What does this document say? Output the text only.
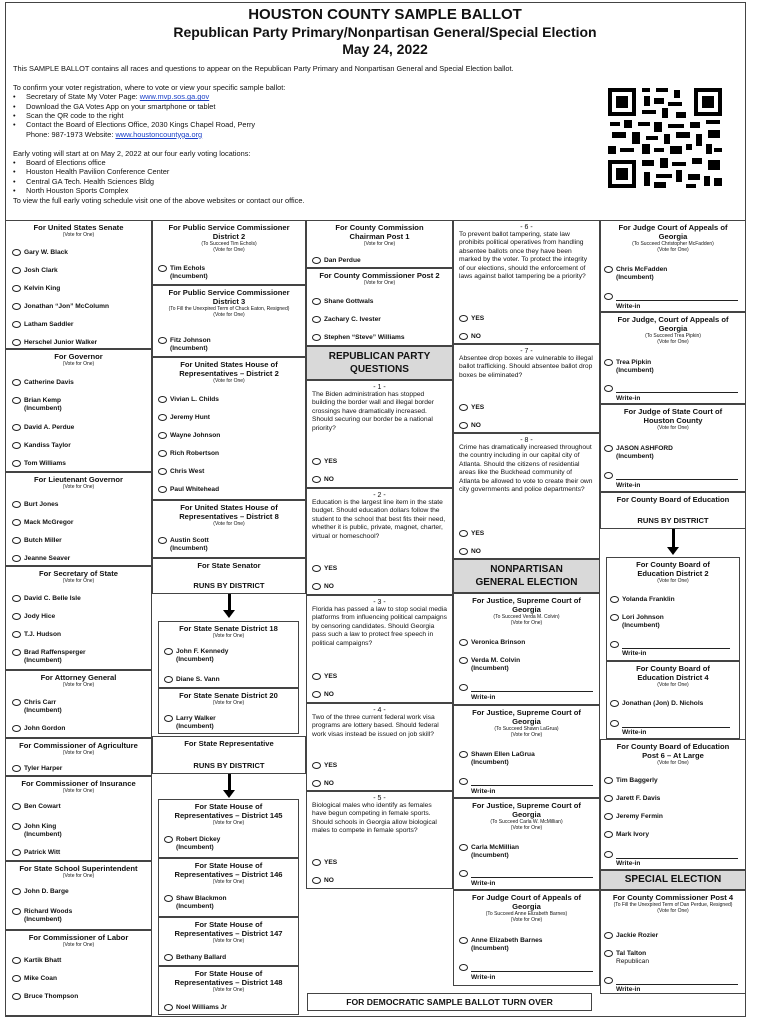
HOUSTON COUNTY SAMPLE BALLOT
Republican Party Primary/Nonpartisan General/Special Election
May 24, 2022

This SAMPLE BALLOT contains all races and questions to appear on the Republican Party Primary and Nonpartisan General and Special Election ballot.

To confirm your voter registration, where to vote or view your specific sample ballot:

• Secretary of State My Voter Page: www.mvp.sos.ga.gov
• Download the GA Votes App on your smartphone or tablet
• Scan the QR code to the right
• Contact the Board of Elections Office, 2030 Kings Chapel Road, Perry
Phone: 987-1973 Website: www.houstoncountyga.org

Early voting will start at on May 2, 2022 at our four early voting locations:

• Board of Elections office
• Houston Health Pavilion Conference Center
• Central GA Tech. Health Sciences Bldg
• North Houston Sports Complex

To view the full early voting schedule visit one of the above websites or contact our office.

For United States Senate
(Vote for One)
Gary W. Black
Josh Clark
Kelvin King
Jonathan “Jon” McColumn
Latham Saddler
Herschel Junior Walker
For Governor
(Vote for One)
Catherine Davis
Brian Kemp
(Incumbent)
David A. Perdue
Kandiss Taylor
Tom Williams
For Lieutenant Governor
(Vote for One)
Burt Jones
Mack McGregor
Butch Miller
Jeanne Seaver
For Secretary of State
(Vote for One)
David C. Belle Isle
Jody Hice
T.J. Hudson
Brad Raffensperger
(Incumbent)
For Attorney General
(Vote for One)
Chris Carr
(Incumbent)
John Gordon
For Commissioner of Agriculture
(Vote for One)
Tyler Harper
For Commissioner of Insurance
(Vote for One)
Ben Cowart
John King
(Incumbent)
Patrick Witt
For State School Superintendent
(Vote for One)
John D. Barge
Richard Woods
(Incumbent)
For Commissioner of Labor
(Vote for One)
Kartik Bhatt
Mike Coan
Bruce Thompson
For Public Service Commissioner
District 2
(To Succeed Tim Echols)
(Vote for One)
Tim Echols
(Incumbent)
For Public Service Commissioner
District 3
(To Fill the Unexpired Term of Chuck Eaton, Resigned)
(Vote for One)
Fitz Johnson
(Incumbent)
For United States House of
Representatives – District 2
(Vote for One)
Vivian L. Childs
Jeremy Hunt
Wayne Johnson
Rich Robertson
Chris West
Paul Whitehead
For United States House of
Representatives – District 8
(Vote for One)
Austin Scott
(Incumbent)
For State Senator
RUNS BY DISTRICT
For State Senate District 18
(Vote for One)
John F. Kennedy
(Incumbent)
Diane S. Vann
For State Senate District 20
(Vote for One)
Larry Walker
(Incumbent)
For State Representative
RUNS BY DISTRICT
For State House of
Representatives – District 145
(Vote for One)
Robert Dickey
(Incumbent)
For State House of
Representatives – District 146
(Vote for One)
Shaw Blackmon
(Incumbent)
For State House of
Representatives – District 147
(Vote for One)
Bethany Ballard
For State House of
Representatives – District 148
(Vote for One)
Noel Williams Jr
For County Commission
Chairman Post 1
(Vote for One)
Dan Perdue
For County Commissioner Post 2
(Vote for One)
Shane Gottwals
Zachary C. Ivester
Stephen “Steve” Williams
REPUBLICAN PARTY
QUESTIONS
- 1 -
The Biden administration has stopped building the border wall and illegal border crossings have dramatically increased. Should securing our border be a national priority?
YES
NO
- 2 -
Education is the largest line item in the state budget. Should education dollars follow the student to the school that best fits their need, whether it is public, private, magnet, charter, virtual or homeschool?
YES
NO
- 3 -
Florida has passed a law to stop social media platforms from influencing political campaigns by censoring candidates. Should Georgia pass such a law to protect free speech in political campaigns?
YES
NO
- 4 -
Two of the three current federal work visa programs are lottery based. Should federal work visas instead be issued on job skill?
YES
NO
- 5 -
Biological males who identify as females have begun competing in female sports. Should schools in Georgia allow biological males to compete in female sports?
YES
NO
- 6 -
To prevent ballot tampering, state law prohibits political operatives from handling absentee ballots once they have been marked by the voter. To protect the integrity of our elections, should the enforcement of laws against ballot tampering be a priority?
YES
NO
- 7 -
Absentee drop boxes are vulnerable to illegal ballot trafficking. Should absentee ballot drop boxes be eliminated?
YES
NO
- 8 -
Crime has dramatically increased throughout the country including in our capital city of Atlanta. Should the citizens of residential areas like the Buckhead community of Atlanta be allowed to vote to create their own city governments and police departments?
YES
NO
NONPARTISAN
GENERAL ELECTION
For Justice, Supreme Court of
Georgia
(To Succeed Verda M. Colvin)
(Vote for One)
Veronica Brinson
Verda M. Colvin
(Incumbent)
Write-in
For Justice, Supreme Court of
Georgia
(To Succeed Shawn LaGrua)
(Vote for One)
Shawn Ellen LaGrua
(Incumbent)
Write-in
For Justice, Supreme Court of
Georgia
(To Succeed Carla W. McMillian)
(Vote for One)
Carla McMillian
(Incumbent)
Write-in
For Judge Court of Appeals of
Georgia
(To Succeed Anne Elizabeth Barnes)
(Vote for One)
Anne Elizabeth Barnes
(Incumbent)
Write-in
For Judge Court of Appeals of
Georgia
(To Succeed Christopher McFadden)
(Vote for One)
Chris McFadden
(Incumbent)
Write-in
For Judge, Court of Appeals of
Georgia
(To Succeed Trea Pipkin)
(Vote for One)
Trea Pipkin
(Incumbent)
Write-in
For Judge of State Court of
Houston County
(Vote for One)
JASON ASHFORD
(Incumbent)
Write-in
For County Board of Education
RUNS BY DISTRICT
For County Board of
Education District 2
(Vote for One)
Yolanda Franklin
Lori Johnson
(Incumbent)
Write-in
For County Board of
Education District 4
(Vote for One)
Jonathan (Jon) D. Nichols
Write-in
For County Board of Education
Post 6 – At Large
(Vote for One)
Tim Baggerly
Jarett F. Davis
Jeremy Fermin
Mark Ivory
Write-in
SPECIAL ELECTION
For County Commissioner Post 4
(To Fill the Unexpired Term of Dan Perdue, Resigned)
(Vote for One)
Jackie Rozier
Tal Talton
Republican
Write-in
FOR DEMOCRATIC SAMPLE BALLOT TURN OVER
